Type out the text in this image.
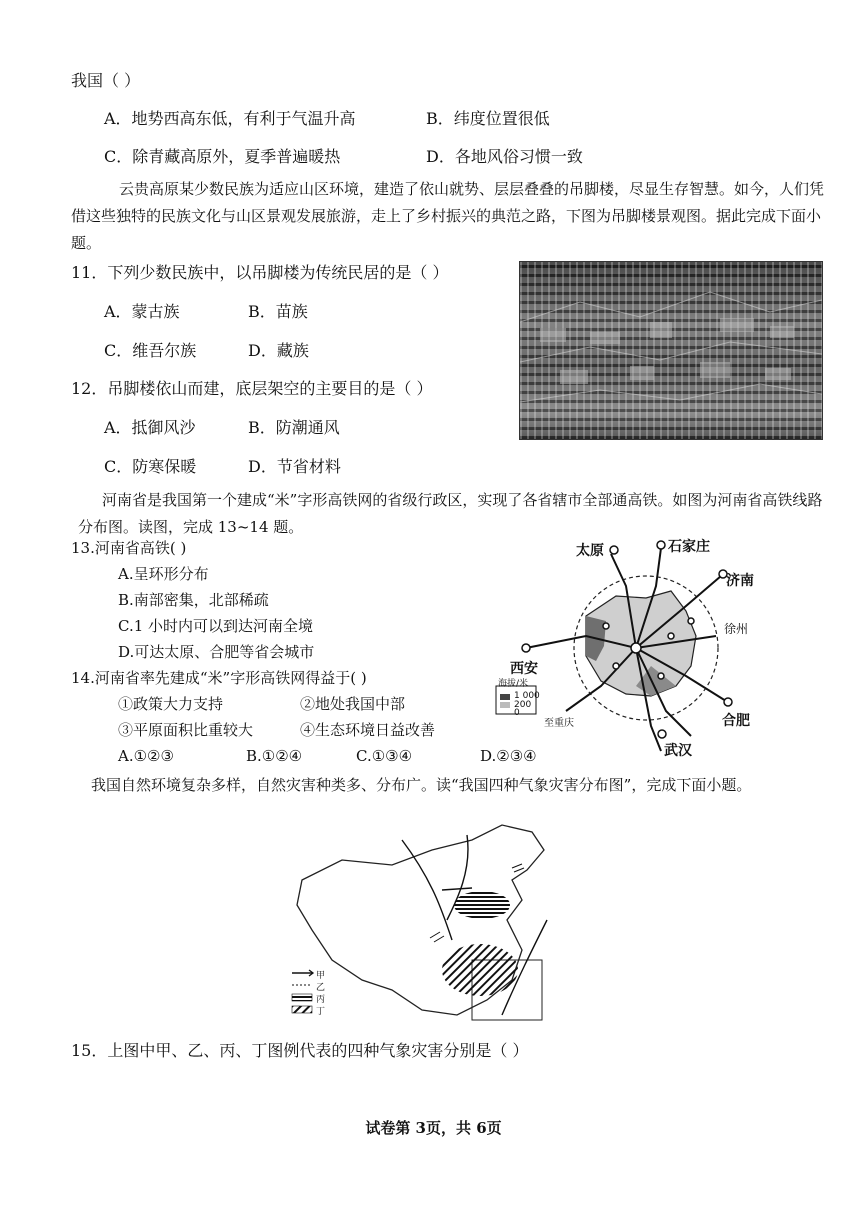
我国（ ）
A．地势西高东低，有利于气温升高	B．纬度位置很低
C．除青藏高原外，夏季普遍暖热	D．各地风俗习惯一致
云贵高原某少数民族为适应山区环境，建造了依山就势、层层叠叠的吊脚楼，尽显生存智慧。如今，人们凭借这些独特的民族文化与山区景观发展旅游，走上了乡村振兴的典范之路，下图为吊脚楼景观图。据此完成下面小题。
11．下列少数民族中，以吊脚楼为传统民居的是（ ）
A．蒙古族	B．苗族
C．维吾尔族	D．藏族
12．吊脚楼依山而建，底层架空的主要目的是（ ）
A．抵御风沙	B．防潮通风
C．防寒保暖	D．节省材料
河南省是我国第一个建成“米”字形高铁网的省级行政区，实现了各省辖市全部通高铁。如图为河南省高铁线路分布图。读图，完成 13~14 题。
13.河南省高铁( )
A.呈环形分布
B.南部密集，北部稀疏
C.1 小时内可以到达河南全境
D.可达太原、合肥等省会城市
14.河南省率先建成“米”字形高铁网得益于( )
①政策大力支持	②地处我国中部
③平原面积比重较大	④生态环境日益改善
A.①②③	B.①②④	C.①③④	D.②③④
太原	石家庄
济南
徐州
西安
合肥
武汉
至重庆
海拔/米
1 000
200
0
我国自然环境复杂多样，自然灾害种类多、分布广。读“我国四种气象灾害分布图”，完成下面小题。
甲
乙
丙
丁
15．上图中甲、乙、丙、丁图例代表的四种气象灾害分别是（ ）
试卷第 3页，共 6页
